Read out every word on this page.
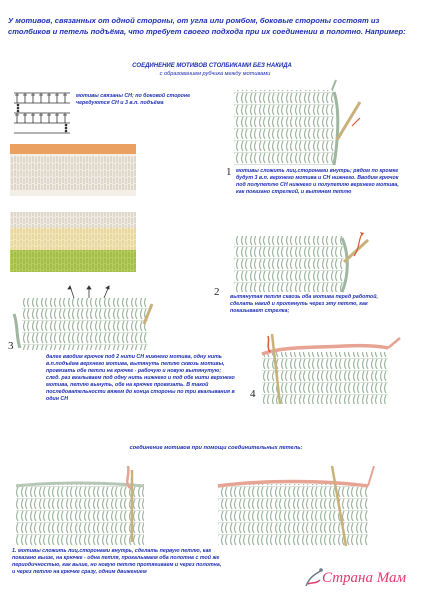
У мотивов, связанных от одной стороны, от угла или ромбом, боковые стороны состоят из столбиков и петель подъёма, что требует своего подхода при их соединении в полотно. Например:
СОЕДИНЕНИЕ МОТИВОВ СТОЛБИКАМИ БЕЗ НАКИДА
с образованием рубчика между мотивами
мотивы связаны СН; по боковой стороне чередуются СН и 3 в.п. подъёма
1 мотивы сложить лиц.сторонами внутрь; рядом по кромке будут 3 в.п. верхнего мотива и СН нижнего. Вводим крючок под полупетлю СН нижнего и полупетлю верхнего мотива, как показано стрелкой, и вытянем петлю
2 вытянутая петля сквозь оба мотива перед работой, сделать накид и протянуть через эту петлю, как показывает стрелка;
3
далее вводим крючок под 2 нити СН нижнего мотива, одну нить в.п.подъёма верхнего мотива, вытянуть петлю сквозь мотивы, провязать обе петли на крючке - рабочую и новую вытянутую; след. раз вкалываем под одну нить нижнего и под обе нити верхнего мотива, петлю вынуть, обе на крючке провязать. В такой последовательности вяжем до конца стороны по три вкалывания в один СН	4
соединение мотивов при помощи соединительных петель:
1. мотивы сложить лиц.сторонами внутрь, сделать первую петлю, как показано выше, на крючке - одна петля, прокалываем оба полотна с той же периодичностью, как выше, но новую петлю протягиваем и через полотна, и через петлю на крючке сразу, одним движением	Страна Мам
